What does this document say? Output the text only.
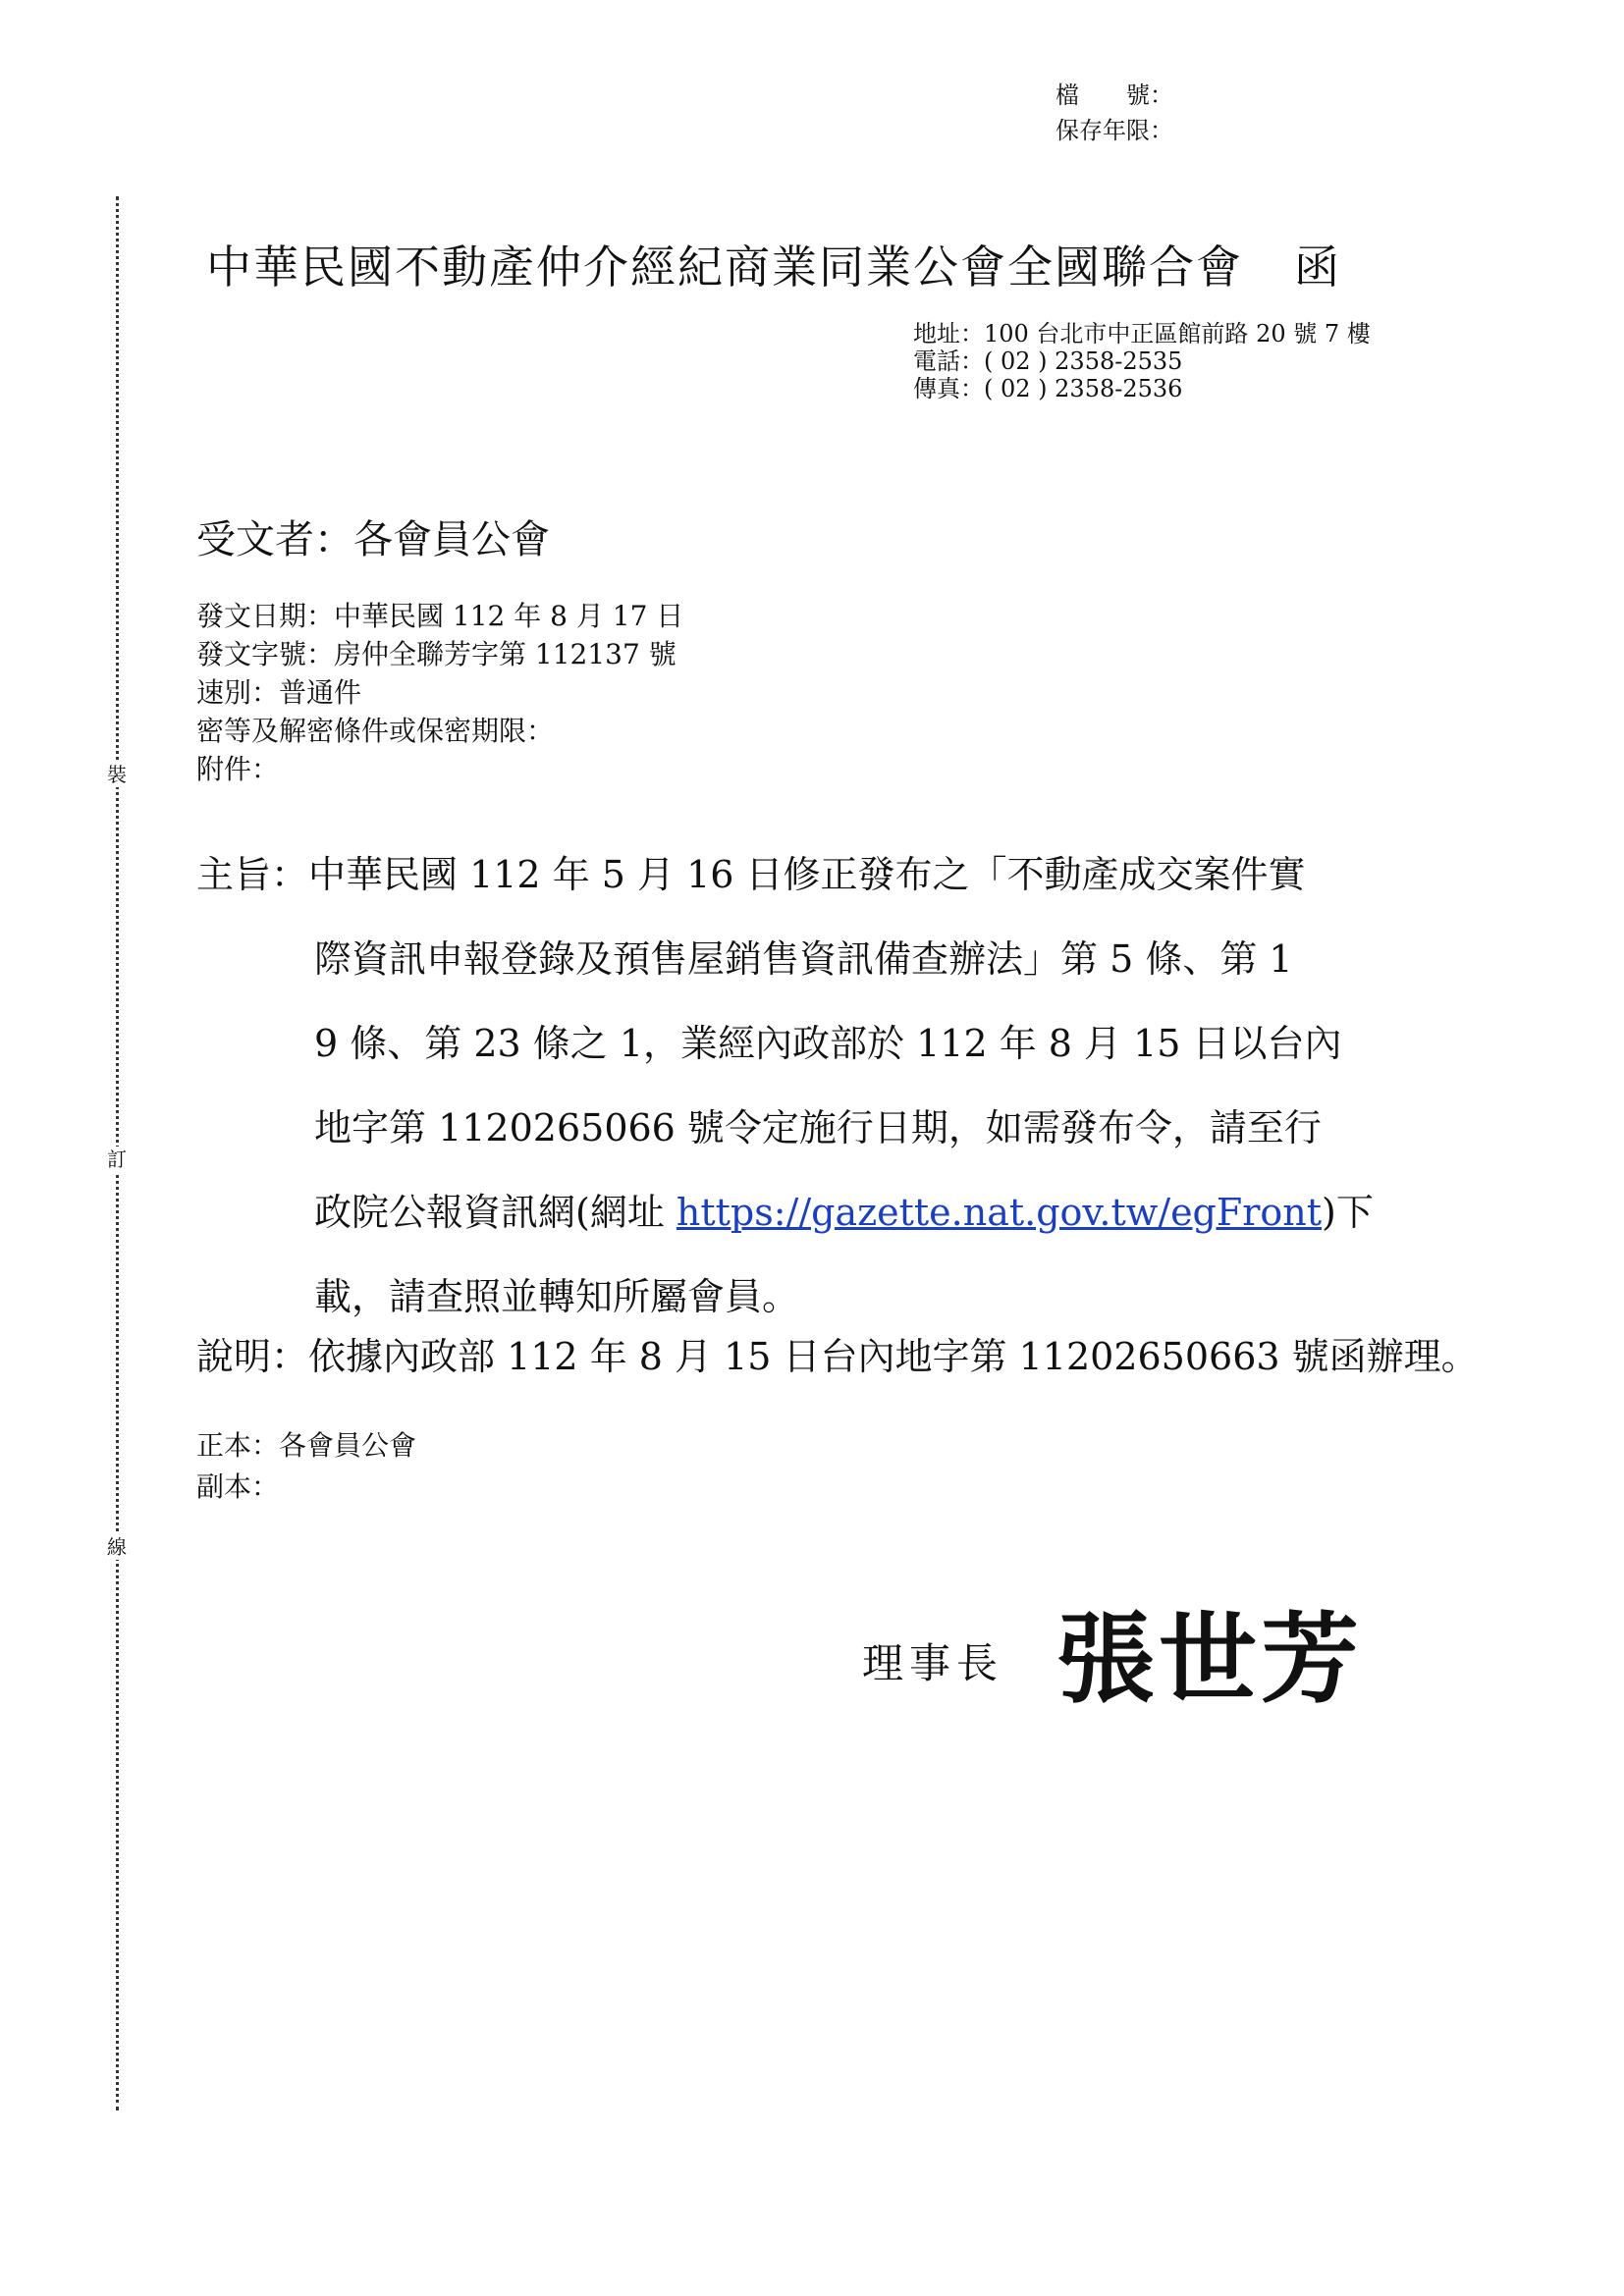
檔　　號：
保存年限：
裝
訂
線
中華民國不動產仲介經紀商業同業公會全國聯合會 函
地址：100 台北市中正區館前路 20 號 7 樓
電話：( 02 ) 2358-2535
傳真：( 02 ) 2358-2536
受文者：各會員公會
發文日期：中華民國 112 年 8 月 17 日
發文字號：房仲全聯芳字第 112137 號
速別：普通件
密等及解密條件或保密期限：
附件：
主旨：中華民國 112 年 5 月 16 日修正發布之「不動產成交案件實
際資訊申報登錄及預售屋銷售資訊備查辦法」第 5 條、第 1
9 條、第 23 條之 1，業經內政部於 112 年 8 月 15 日以台內
地字第 1120265066 號令定施行日期，如需發布令，請至行
政院公報資訊網(網址 https://gazette.nat.gov.tw/egFront)下
載，請查照並轉知所屬會員。
說明：依據內政部 112 年 8 月 15 日台內地字第 11202650663 號函辦理。
正本：各會員公會
副本：
理事長 張世芳
